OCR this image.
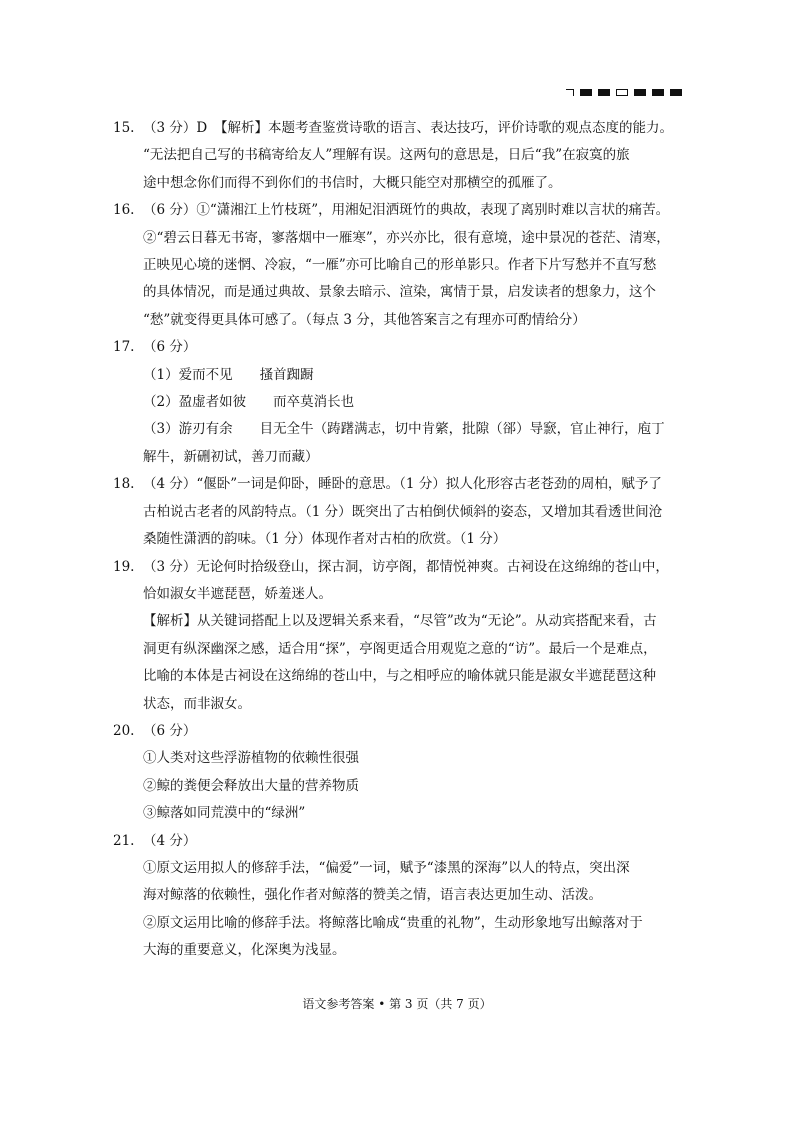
15. （3 分）D　【解析】本题考查鉴赏诗歌的语言、表达技巧，评价诗歌的观点态度的能力。
“无法把自己写的书稿寄给友人”理解有误。这两句的意思是，日后“我”在寂寞的旅
途中想念你们而得不到你们的书信时，大概只能空对那横空的孤雁了。
16. （6 分）①“潇湘江上竹枝斑”，用湘妃泪洒斑竹的典故，表现了离别时难以言状的痛苦。
②“碧云日暮无书寄，寥落烟中一雁寒”，亦兴亦比，很有意境，途中景况的苍茫、清寒，
正映见心境的迷惘、冷寂，“一雁”亦可比喻自己的形单影只。作者下片写愁并不直写愁
的具体情况，而是通过典故、景象去暗示、渲染，寓情于景，启发读者的想象力，这个
“愁”就变得更具体可感了。（每点 3 分，其他答案言之有理亦可酌情给分）
17. （6 分）
（1）爱而不见　　搔首踟蹰
（2）盈虚者如彼　　而卒莫消长也
（3）游刃有余　　目无全牛（踌躇满志，切中肯綮，批隙（郤）导窾，官止神行，庖丁
解牛，新硎初试，善刀而藏）
18. （4 分）“偃卧”一词是仰卧，睡卧的意思。（1 分）拟人化形容古老苍劲的周柏，赋予了
古柏说古老者的风韵特点。（1 分）既突出了古柏倒伏倾斜的姿态，又增加其看透世间沧
桑随性潇洒的韵味。（1 分）体现作者对古柏的欣赏。（1 分）
19. （3 分）无论何时拾级登山，探古洞，访亭阁，都情悦神爽。古祠设在这绵绵的苍山中，
恰如淑女半遮琵琶，娇羞迷人。
【解析】从关键词搭配上以及逻辑关系来看，“尽管”改为“无论”。从动宾搭配来看，古
洞更有纵深幽深之感，适合用“探”，亭阁更适合用观览之意的“访”。最后一个是难点，
比喻的本体是古祠设在这绵绵的苍山中，与之相呼应的喻体就只能是淑女半遮琵琶这种
状态，而非淑女。
20. （6 分）
①人类对这些浮游植物的依赖性很强
②鲸的粪便会释放出大量的营养物质
③鲸落如同荒漠中的“绿洲”
21. （4 分）
①原文运用拟人的修辞手法，“偏爱”一词，赋予“漆黑的深海”以人的特点，突出深
海对鲸落的依赖性，强化作者对鲸落的赞美之情，语言表达更加生动、活泼。
②原文运用比喻的修辞手法。将鲸落比喻成“贵重的礼物”，生动形象地写出鲸落对于
大海的重要意义，化深奥为浅显。
语文参考答案 • 第 3 页（共 7 页）
